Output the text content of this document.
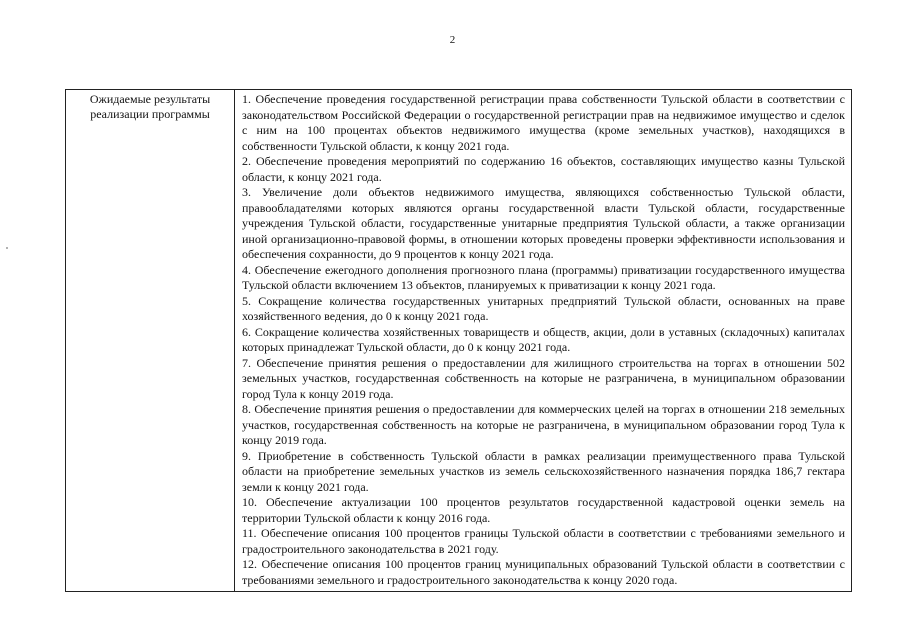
2
Ожидаемые результаты реализации программы

1. Обеспечение проведения государственной регистрации права собственности Тульской области в соответствии с законодательством Российской Федерации о государственной регистрации прав на недвижимое имущество и сделок с ним на 100 процентах объектов недвижимого имущества (кроме земельных участков), находящихся в собственности Тульской области, к концу 2021 года.

2. Обеспечение проведения мероприятий по содержанию 16 объектов, составляющих имущество казны Тульской области, к концу 2021 года.

3. Увеличение доли объектов недвижимого имущества, являющихся собственностью Тульской области, правообладателями которых являются органы государственной власти Тульской области, государственные учреждения Тульской области, государственные унитарные предприятия Тульской области, а также организации иной организационно-правовой формы, в отношении которых проведены проверки эффективности использования и обеспечения сохранности, до 9 процентов к концу 2021 года.

4. Обеспечение ежегодного дополнения прогнозного плана (программы) приватизации государственного имущества Тульской области включением 13 объектов, планируемых к приватизации к концу 2021 года.

5. Сокращение количества государственных унитарных предприятий Тульской области, основанных на праве хозяйственного ведения, до 0 к концу 2021 года.

6. Сокращение количества хозяйственных товариществ и обществ, акции, доли в уставных (складочных) капиталах которых принадлежат Тульской области, до 0 к концу 2021 года.

7. Обеспечение принятия решения о предоставлении для жилищного строительства на торгах в отношении 502 земельных участков, государственная собственность на которые не разграничена, в муниципальном образовании город Тула к концу 2019 года.

8. Обеспечение принятия решения о предоставлении для коммерческих целей на торгах в отношении 218 земельных участков, государственная собственность на которые не разграничена, в муниципальном образовании город Тула к концу 2019 года.

9. Приобретение в собственность Тульской области в рамках реализации преимущественного права Тульской области на приобретение земельных участков из земель сельскохозяйственного назначения порядка 186,7 гектара земли к концу 2021 года.

10. Обеспечение актуализации 100 процентов результатов государственной кадастровой оценки земель на территории Тульской области к концу 2016 года.

11. Обеспечение описания 100 процентов границы Тульской области в соответствии с требованиями земельного и градостроительного законодательства в 2021 году.

12. Обеспечение описания 100 процентов границ муниципальных образований Тульской области в соответствии с требованиями земельного и градостроительного законодательства к концу 2020 года.
